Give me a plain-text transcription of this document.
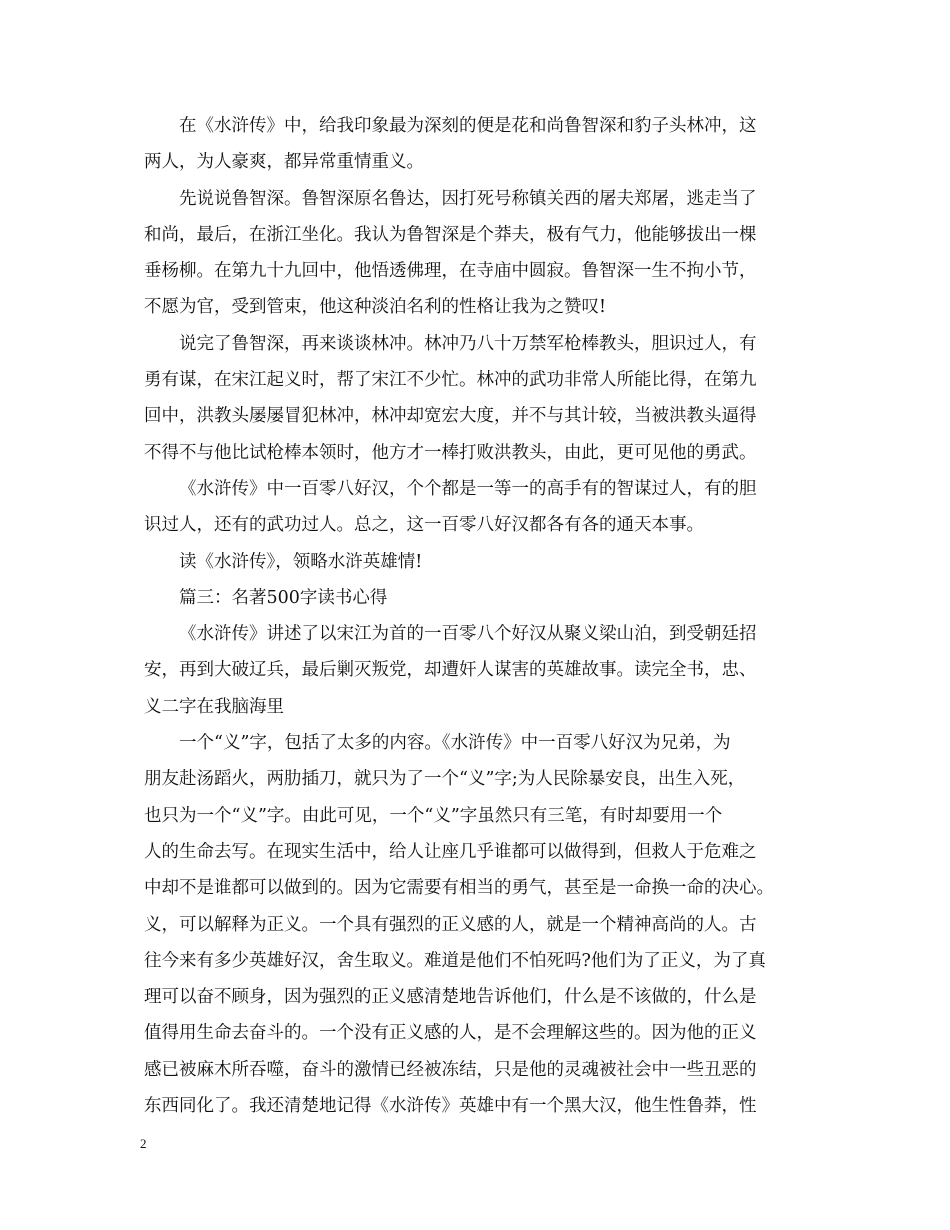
在《水浒传》中，给我印象最为深刻的便是花和尚鲁智深和豹子头林冲，这
两人，为人豪爽，都异常重情重义。
先说说鲁智深。鲁智深原名鲁达，因打死号称镇关西的屠夫郑屠，逃走当了
和尚，最后，在浙江坐化。我认为鲁智深是个莽夫，极有气力，他能够拔出一棵
垂杨柳。在第九十九回中，他悟透佛理，在寺庙中圆寂。鲁智深一生不拘小节，
不愿为官，受到管束，他这种淡泊名利的性格让我为之赞叹!
说完了鲁智深，再来谈谈林冲。林冲乃八十万禁军枪棒教头，胆识过人，有
勇有谋，在宋江起义时，帮了宋江不少忙。林冲的武功非常人所能比得，在第九
回中，洪教头屡屡冒犯林冲，林冲却宽宏大度，并不与其计较，当被洪教头逼得
不得不与他比试枪棒本领时，他方才一棒打败洪教头，由此，更可见他的勇武。
《水浒传》中一百零八好汉，个个都是一等一的高手有的智谋过人，有的胆
识过人，还有的武功过人。总之，这一百零八好汉都各有各的通天本事。
读《水浒传》，领略水浒英雄情!
篇三：名著500字读书心得
《水浒传》讲述了以宋江为首的一百零八个好汉从聚义梁山泊，到受朝廷招
安，再到大破辽兵，最后剿灭叛党，却遭奸人谋害的英雄故事。读完全书，忠、
义二字在我脑海里
一个“义”字，包括了太多的内容。《水浒传》中一百零八好汉为兄弟，为
朋友赴汤蹈火，两肋插刀，就只为了一个“义”字;为人民除暴安良，出生入死，
也只为一个“义”字。由此可见，一个“义”字虽然只有三笔，有时却要用一个
人的生命去写。在现实生活中，给人让座几乎谁都可以做得到，但救人于危难之
中却不是谁都可以做到的。因为它需要有相当的勇气，甚至是一命换一命的决心。
义，可以解释为正义。一个具有强烈的正义感的人，就是一个精神高尚的人。古
往今来有多少英雄好汉，舍生取义。难道是他们不怕死吗?他们为了正义，为了真
理可以奋不顾身，因为强烈的正义感清楚地告诉他们，什么是不该做的，什么是
值得用生命去奋斗的。一个没有正义感的人，是不会理解这些的。因为他的正义
感已被麻木所吞噬，奋斗的激情已经被冻结，只是他的灵魂被社会中一些丑恶的
东西同化了。我还清楚地记得《水浒传》英雄中有一个黑大汉，他生性鲁莽，性
2
